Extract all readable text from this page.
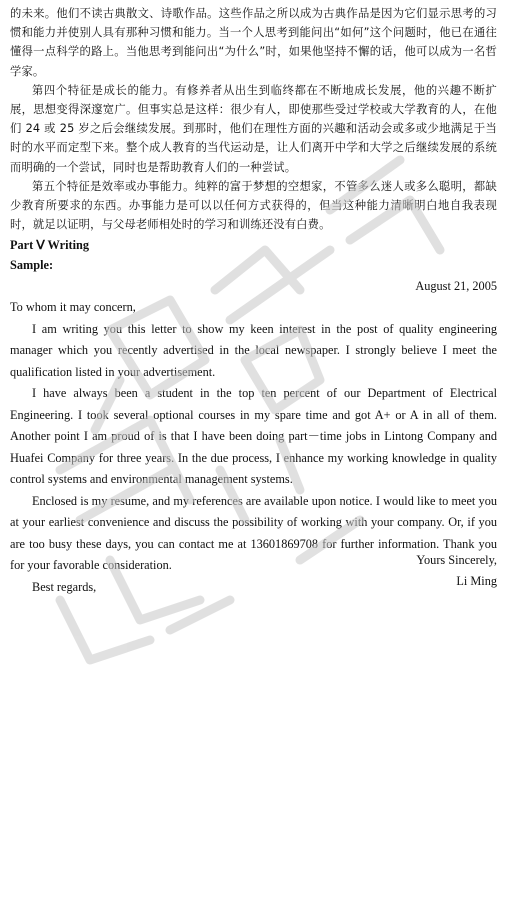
的未来。他们不读古典散文、诗歌作品。这些作品之所以成为古典作品是因为它们显示思考的习惯和能力并使别人具有那种习惯和能力。当一个人思考到能问出“如何”这个问题时，他已在通往懂得一点科学的路上。当他思考到能问出“为什么”时，如果他坚持不懈的话，他可以成为一名哲学家。

第四个特征是成长的能力。有修养者从出生到临终都在不断地成长发展，他的兴趣不断扩展，思想变得深邃宽广。但事实总是这样：很少有人，即使那些受过学校或大学教育的人，在他们 24 或 25 岁之后会继续发展。到那时，他们在理性方面的兴趣和活动会或多或少地满足于当时的水平而定型下来。整个成人教育的当代运动是，让人们离开中学和大学之后继续发展的系统而明确的一个尝试，同时也是帮助教育人们的一种尝试。

第五个特征是效率或办事能力。纯粹的富于梦想的空想家，不管多么迷人或多么聪明，都缺少教育所要求的东西。办事能力是可以以任何方式获得的，但当这种能力清晰明白地自我表现时，就足以证明，与父母老师相处时的学习和训练还没有白费。

Part Ⅴ Writing
Sample:
August 21, 2005

To whom it may concern,

I am writing you this letter to show my keen interest in the post of quality engineering manager which you recently advertised in the local newspaper. I strongly believe I meet the qualification listed in your advertisement.

I have always been a student in the top ten percent of our Department of Electrical Engineering. I took several optional courses in my spare time and got A+ or A in all of them. Another point I am proud of is that I have been doing part－time jobs in Lintong Company and Huafei Company for three years. In the due process, I enhance my working knowledge in quality control systems and environmental management systems.

Enclosed is my resume, and my references are available upon notice. I would like to meet you at your earliest convenience and discuss the possibility of working with your company. Or, if you are too busy these days, you can contact me at 13601869708 for further information. Thank you for your favorable consideration.

Best regards,

Yours Sincerely,
Li Ming
